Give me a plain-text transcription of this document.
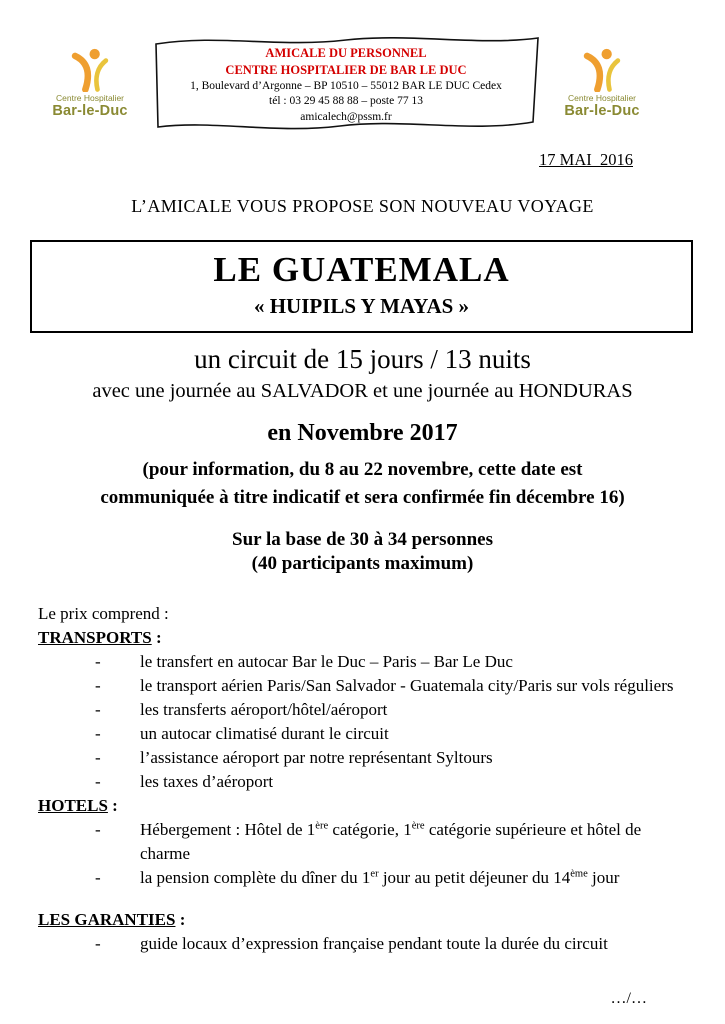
Centre Hospitalier
Bar-le-Duc
AMICALE DU PERSONNEL
CENTRE HOSPITALIER DE BAR LE DUC
1, Boulevard d’Argonne – BP 10510 – 55012 BAR LE DUC Cedex
tél : 03 29 45 88 88 – poste 77 13
amicalech@pssm.fr
Centre Hospitalier
Bar-le-Duc
17 MAI  2016
L’AMICALE VOUS PROPOSE SON NOUVEAU VOYAGE
LE GUATEMALA
« HUIPILS Y MAYAS »
un circuit de 15 jours / 13 nuits
avec une journée au SALVADOR et une journée au HONDURAS
en Novembre 2017
(pour information, du 8 au 22 novembre, cette date est
communiquée à titre indicatif et sera confirmée fin décembre 16)
Sur la base de 30 à 34 personnes
(40 participants maximum)
Le prix comprend :
TRANSPORTS :
-	le transfert en autocar Bar le Duc – Paris – Bar Le Duc
-	le transport aérien Paris/San Salvador - Guatemala city/Paris sur vols réguliers
-	les transferts aéroport/hôtel/aéroport
-	un autocar climatisé durant le circuit
-	l’assistance aéroport par notre représentant Syltours
-	les taxes d’aéroport
HOTELS :
-	Hébergement : Hôtel de 1ère catégorie, 1ère catégorie supérieure et hôtel de charme
-	la pension complète du dîner du 1er jour au petit déjeuner du 14ème jour
LES GARANTIES :
-	guide locaux d’expression française pendant toute la durée du circuit
…/…
